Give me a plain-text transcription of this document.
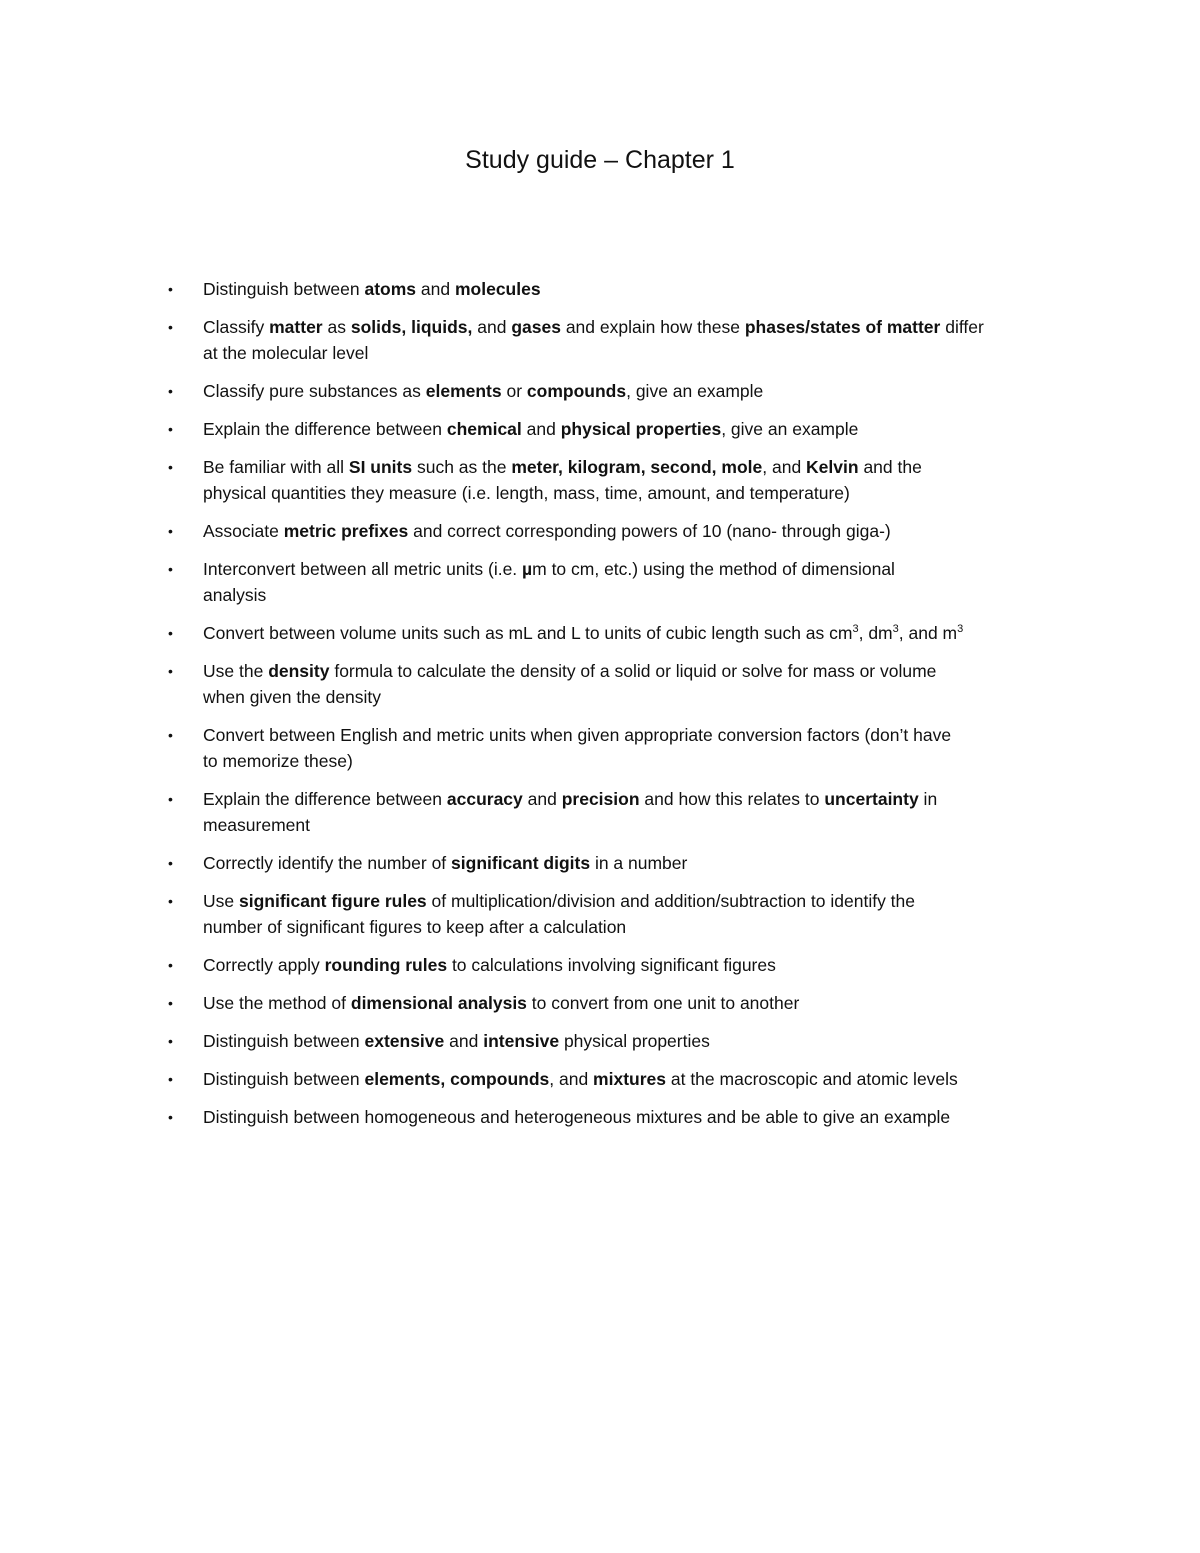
Study guide – Chapter 1
• Distinguish between atoms and molecules
• Classify matter as solids, liquids, and gases and explain how these phases/states of matter differ
at the molecular level
• Classify pure substances as elements or compounds, give an example
• Explain the difference between chemical and physical properties, give an example
• Be familiar with all SI units such as the meter, kilogram, second, mole, and Kelvin and the
physical quantities they measure (i.e. length, mass, time, amount, and temperature)
• Associate metric prefixes and correct corresponding powers of 10 (nano- through giga-)
• Interconvert between all metric units (i.e. µm to cm, etc.) using the method of dimensional
analysis
• Convert between volume units such as mL and L to units of cubic length such as $cm^3$, $dm^3$, and $m^3$
• Use the density formula to calculate the density of a solid or liquid or solve for mass or volume
when given the density
• Convert between English and metric units when given appropriate conversion factors (don’t have
to memorize these)
• Explain the difference between accuracy and precision and how this relates to uncertainty in
measurement
• Correctly identify the number of significant digits in a number
• Use significant figure rules of multiplication/division and addition/subtraction to identify the
number of significant figures to keep after a calculation
• Correctly apply rounding rules to calculations involving significant figures
• Use the method of dimensional analysis to convert from one unit to another
• Distinguish between extensive and intensive physical properties
• Distinguish between elements, compounds, and mixtures at the macroscopic and atomic levels
• Distinguish between homogeneous and heterogeneous mixtures and be able to give an example
